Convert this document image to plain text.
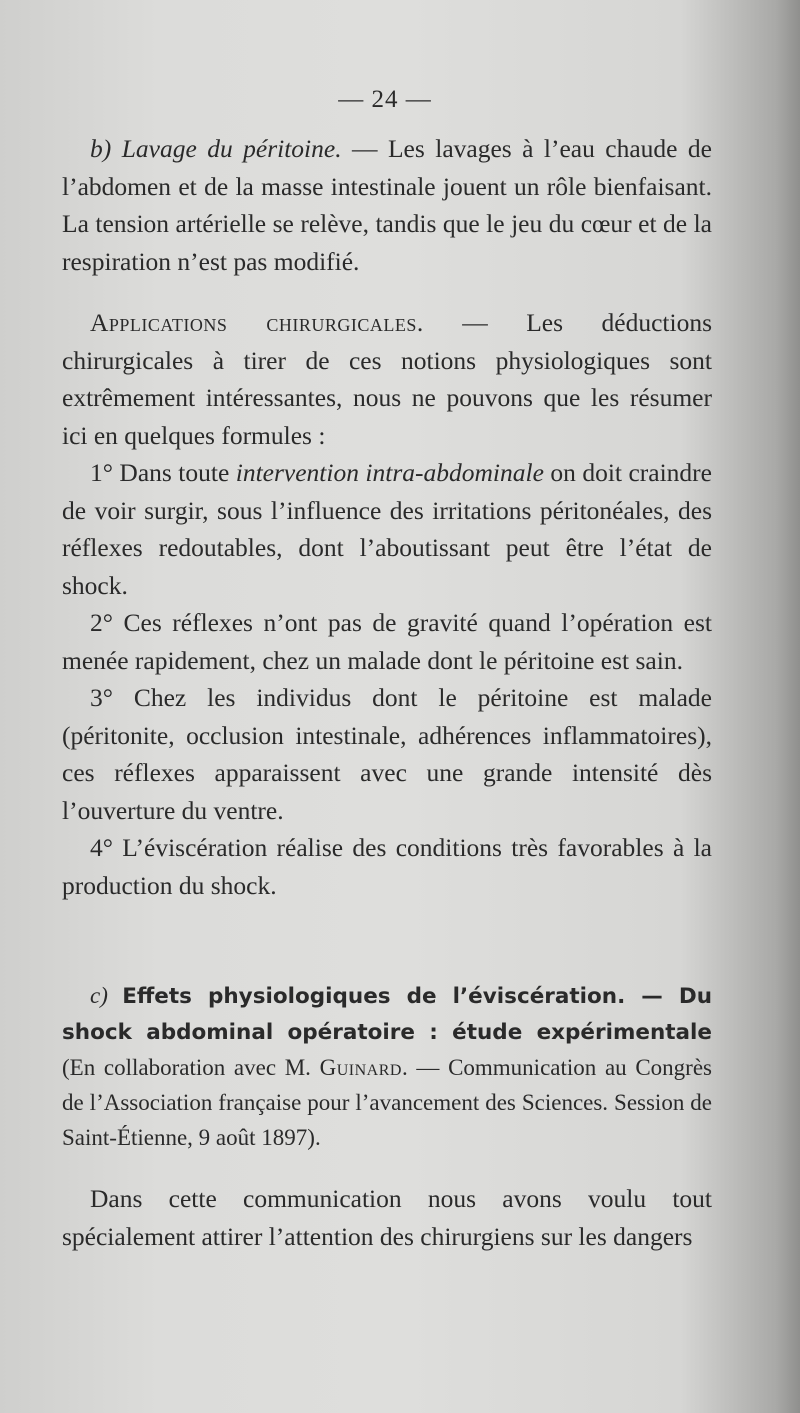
— 24 —

b) Lavage du péritoine. — Les lavages à l’eau chaude de l’abdomen et de la masse intestinale jouent un rôle bienfaisant. La tension artérielle se relève, tandis que le jeu du cœur et de la respiration n’est pas modifié.

Applications chirurgicales. — Les déductions chirurgicales à tirer de ces notions physiologiques sont extrêmement intéressantes, nous ne pouvons que les résumer ici en quelques formules :

1° Dans toute intervention intra-abdominale on doit craindre de voir surgir, sous l’influence des irritations péritonéales, des réflexes redoutables, dont l’aboutissant peut être l’état de shock.

2° Ces réflexes n’ont pas de gravité quand l’opération est menée rapidement, chez un malade dont le péritoine est sain.

3° Chez les individus dont le péritoine est malade (péritonite, occlusion intestinale, adhérences inflammatoires), ces réflexes apparaissent avec une grande intensité dès l’ouverture du ventre.

4° L’éviscération réalise des conditions très favorables à la production du shock.

c) Effets physiologiques de l’éviscération. — Du shock abdominal opératoire : étude expérimentale (En collaboration avec M. Guinard. — Communication au Congrès de l’Association française pour l’avancement des Sciences. Session de Saint-Étienne, 9 août 1897).

Dans cette communication nous avons voulu tout spécialement attirer l’attention des chirurgiens sur les dangers
